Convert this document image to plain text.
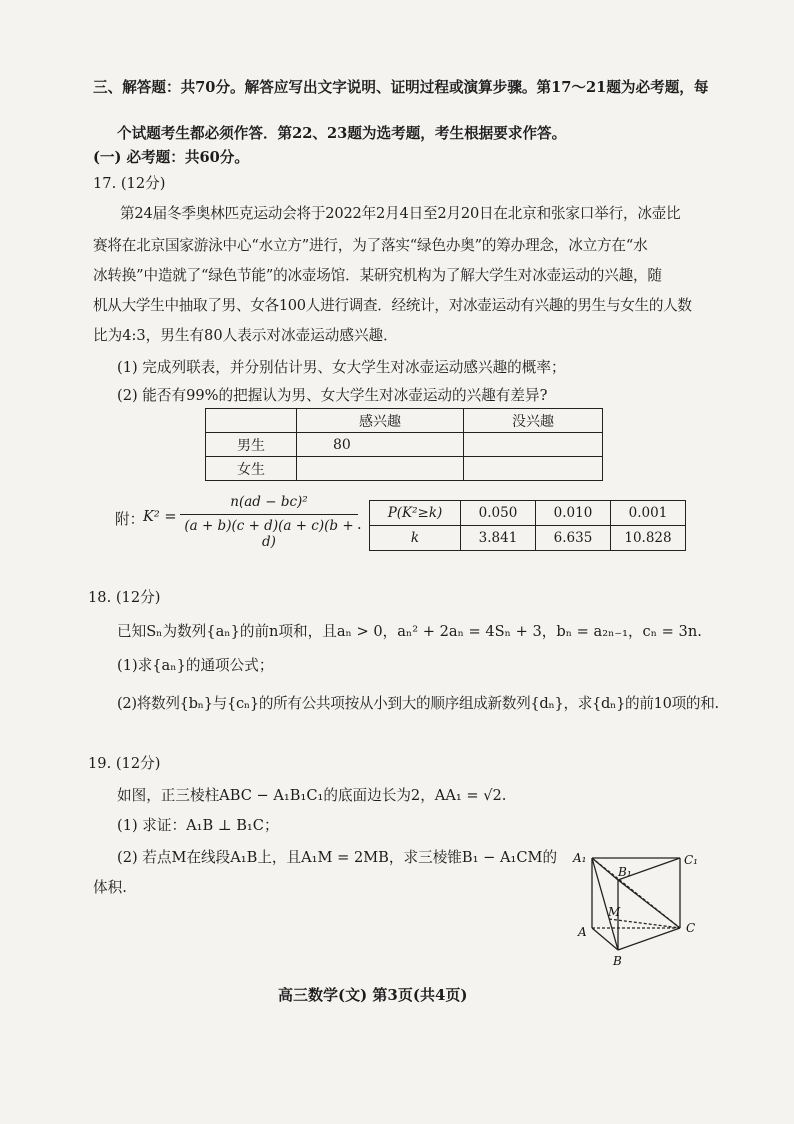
三、解答题：共70分。解答应写出文字说明、证明过程或演算步骤。第17～21题为必考题，每
个试题考生都必须作答．第22、23题为选考题，考生根据要求作答。
(一) 必考题：共60分。
17. (12分)
第24届冬季奥林匹克运动会将于2022年2月4日至2月20日在北京和张家口举行，冰壶比
赛将在北京国家游泳中心“水立方”进行，为了落实“绿色办奥”的筹办理念，冰立方在“水
冰转换”中造就了“绿色节能”的冰壶场馆．某研究机构为了解大学生对冰壶运动的兴趣，随
机从大学生中抽取了男、女各100人进行调查．经统计，对冰壶运动有兴趣的男生与女生的人数
比为4:3，男生有80人表示对冰壶运动感兴趣．
(1) 完成列联表，并分别估计男、女大学生对冰壶运动感兴趣的概率；
(2) 能否有99%的把握认为男、女大学生对冰壶运动的兴趣有差异?
	感兴趣	没兴趣
男生	80	
女生		
附：
K² =
n(ad − bc)²
(a + b)(c + d)(a + c)(b + d)
.
P(K²≥k)	0.050	0.010	0.001
k	3.841	6.635	10.828
18. (12分)
已知Sₙ为数列{aₙ}的前n项和，且aₙ > 0，aₙ² + 2aₙ = 4Sₙ + 3，bₙ = a₂ₙ₋₁，cₙ = 3n.
(1)求{aₙ}的通项公式；
(2)将数列{bₙ}与{cₙ}的所有公共项按从小到大的顺序组成新数列{dₙ}，求{dₙ}的前10项的和.
19. (12分)
如图，正三棱柱ABC − A₁B₁C₁的底面边长为2，AA₁ = √2.
(1) 求证：A₁B ⊥ B₁C；
(2) 若点M在线段A₁B上，且A₁M = 2MB，求三棱锥B₁ − A₁CM的
体积.
A₁
B₁
C₁
M
A
B
C
高三数学(文) 第3页(共4页)
